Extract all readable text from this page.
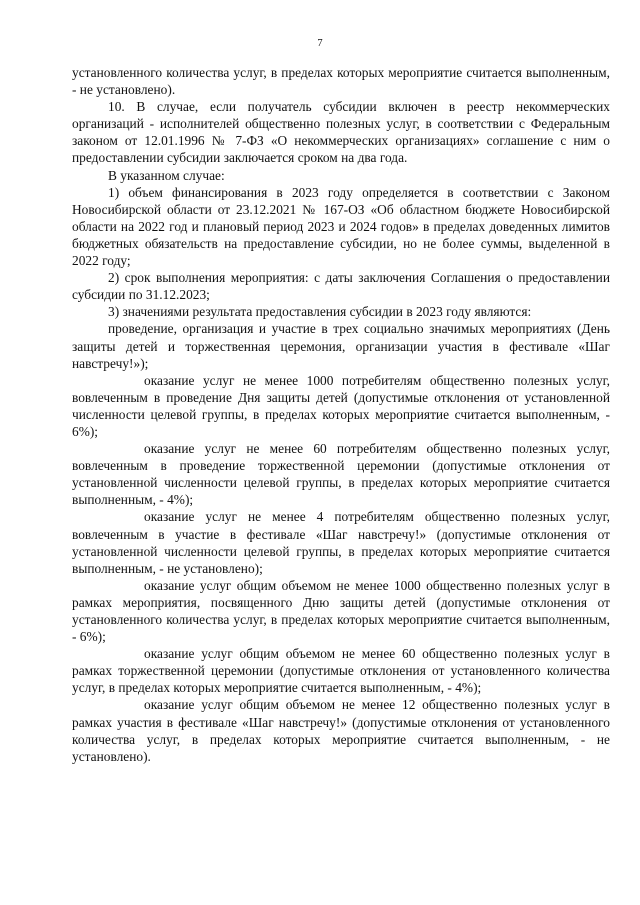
7

установленного количества услуг, в пределах которых мероприятие считается выполненным, - не установлено).

10. В случае, если получатель субсидии включен в реестр некоммерческих организаций - исполнителей общественно полезных услуг, в соответствии с Федеральным законом от 12.01.1996 № 7-ФЗ «О некоммерческих организациях» соглашение с ним о предоставлении субсидии заключается сроком на два года.

В указанном случае:

1) объем финансирования в 2023 году определяется в соответствии с Законом Новосибирской области от 23.12.2021 № 167-ОЗ «Об областном бюджете Новосибирской области на 2022 год и плановый период 2023 и 2024 годов» в пределах доведенных лимитов бюджетных обязательств на предоставление субсидии, но не более суммы, выделенной в 2022 году;

2) срок выполнения мероприятия: с даты заключения Соглашения о предоставлении субсидии по 31.12.2023;

3) значениями результата предоставления субсидии в 2023 году являются:

проведение, организация и участие в трех социально значимых мероприятиях (День защиты детей и торжественная церемония, организации участия в фестивале «Шаг навстречу!»);

оказание услуг не менее 1000 потребителям общественно полезных услуг, вовлеченным в проведение Дня защиты детей (допустимые отклонения от установленной численности целевой группы, в пределах которых мероприятие считается выполненным, - 6%);

оказание услуг не менее 60 потребителям общественно полезных услуг, вовлеченным в проведение торжественной церемонии (допустимые отклонения от установленной численности целевой группы, в пределах которых мероприятие считается выполненным, - 4%);

оказание услуг не менее 4 потребителям общественно полезных услуг, вовлеченным в участие в фестивале «Шаг навстречу!» (допустимые отклонения от установленной численности целевой группы, в пределах которых мероприятие считается выполненным, - не установлено);

оказание услуг общим объемом не менее 1000 общественно полезных услуг в рамках мероприятия, посвященного Дню защиты детей (допустимые отклонения от установленного количества услуг, в пределах которых мероприятие считается выполненным, - 6%);

оказание услуг общим объемом не менее 60 общественно полезных услуг в рамках торжественной церемонии (допустимые отклонения от установленного количества услуг, в пределах которых мероприятие считается выполненным, - 4%);

оказание услуг общим объемом не менее 12 общественно полезных услуг в рамках участия в фестивале «Шаг навстречу!» (допустимые отклонения от установленного количества услуг, в пределах которых мероприятие считается выполненным, - не установлено).
